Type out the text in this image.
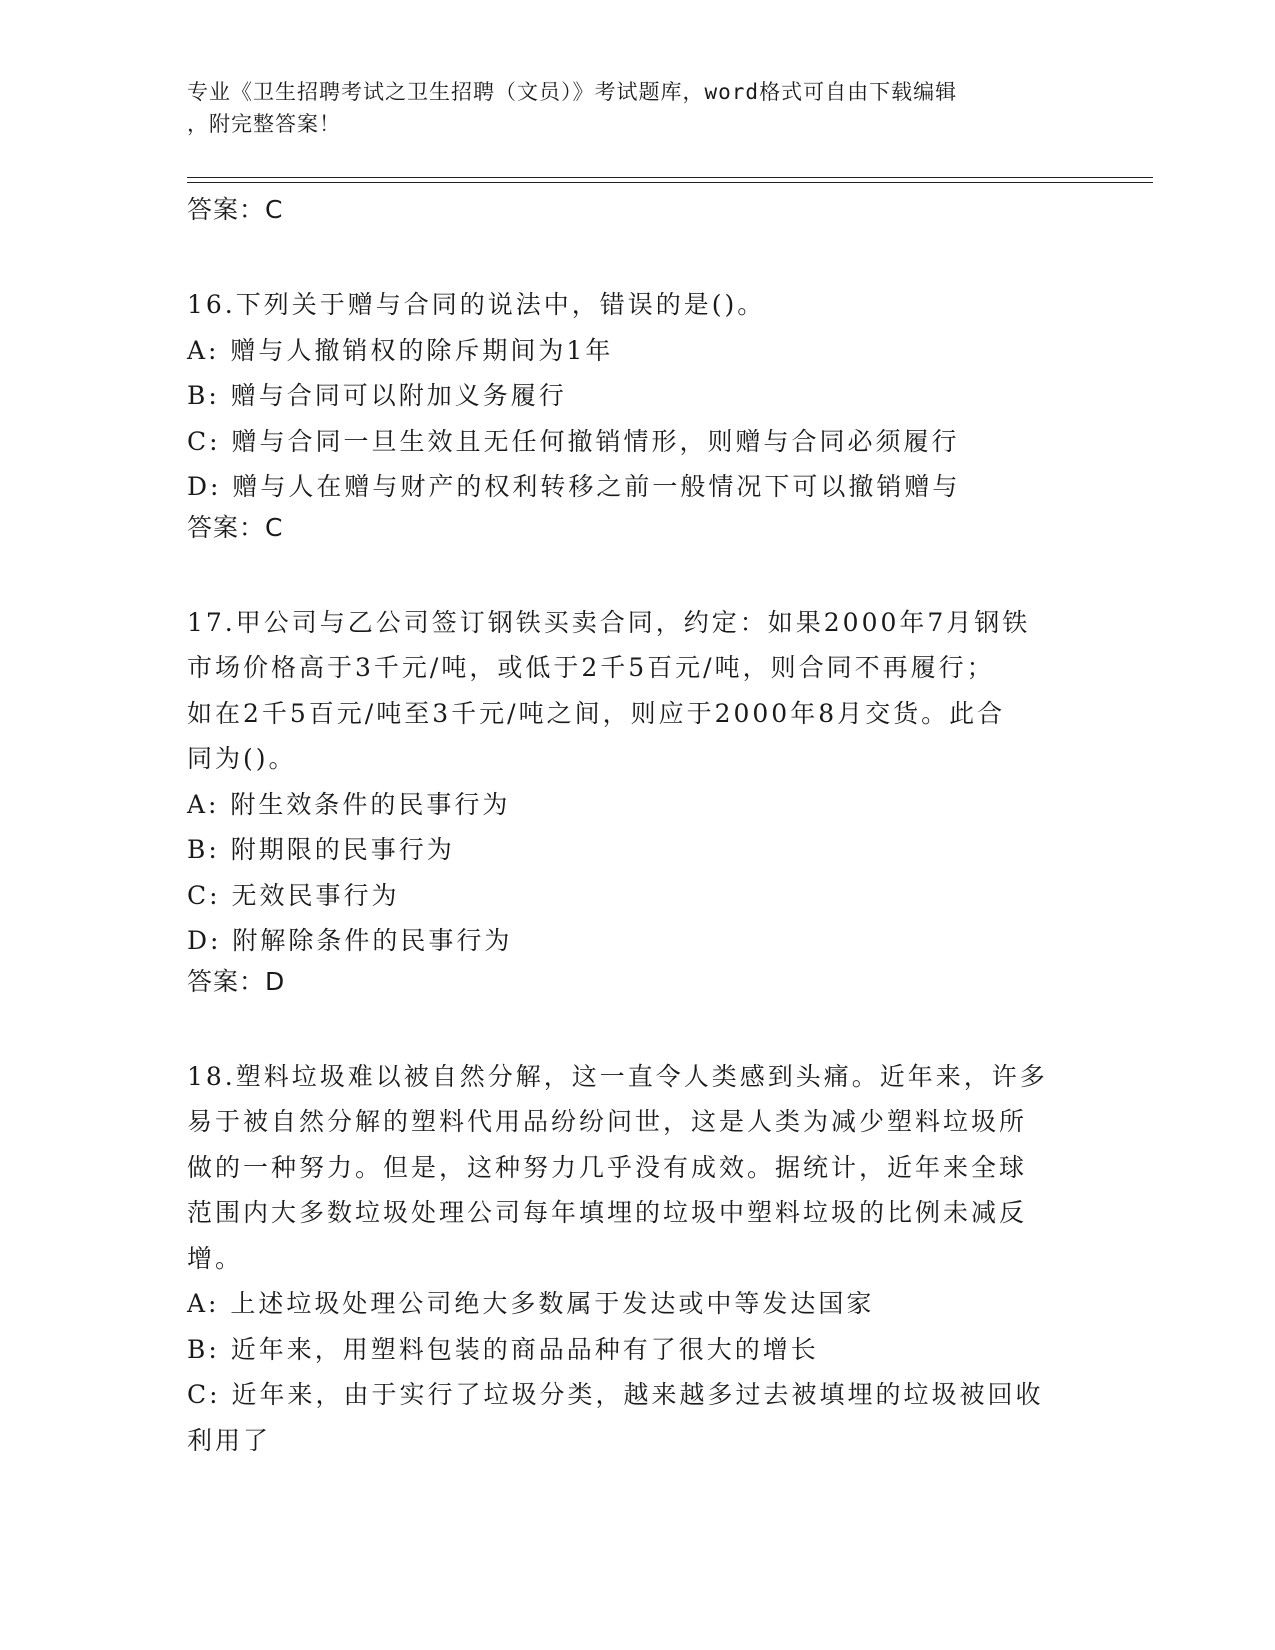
专业《卫生招聘考试之卫生招聘（文员）》考试题库，word格式可自由下载编辑
，附完整答案！

答案：C

16.下列关于赠与合同的说法中，错误的是()。

A: 赠与人撤销权的除斥期间为1年

B: 赠与合同可以附加义务履行

C: 赠与合同一旦生效且无任何撤销情形，则赠与合同必须履行

D: 赠与人在赠与财产的权利转移之前一般情况下可以撤销赠与

答案：C

17.甲公司与乙公司签订钢铁买卖合同，约定：如果2000年7月钢铁

市场价格高于3千元/吨，或低于2千5百元/吨，则合同不再履行；

如在2千5百元/吨至3千元/吨之间，则应于2000年8月交货。此合

同为()。

A: 附生效条件的民事行为

B: 附期限的民事行为

C: 无效民事行为

D: 附解除条件的民事行为

答案：D

18.塑料垃圾难以被自然分解，这一直令人类感到头痛。近年来，许多

易于被自然分解的塑料代用品纷纷问世，这是人类为减少塑料垃圾所

做的一种努力。但是，这种努力几乎没有成效。据统计，近年来全球

范围内大多数垃圾处理公司每年填埋的垃圾中塑料垃圾的比例未减反

增。

A: 上述垃圾处理公司绝大多数属于发达或中等发达国家

B: 近年来，用塑料包装的商品品种有了很大的增长

C: 近年来，由于实行了垃圾分类，越来越多过去被填埋的垃圾被回收

利用了
